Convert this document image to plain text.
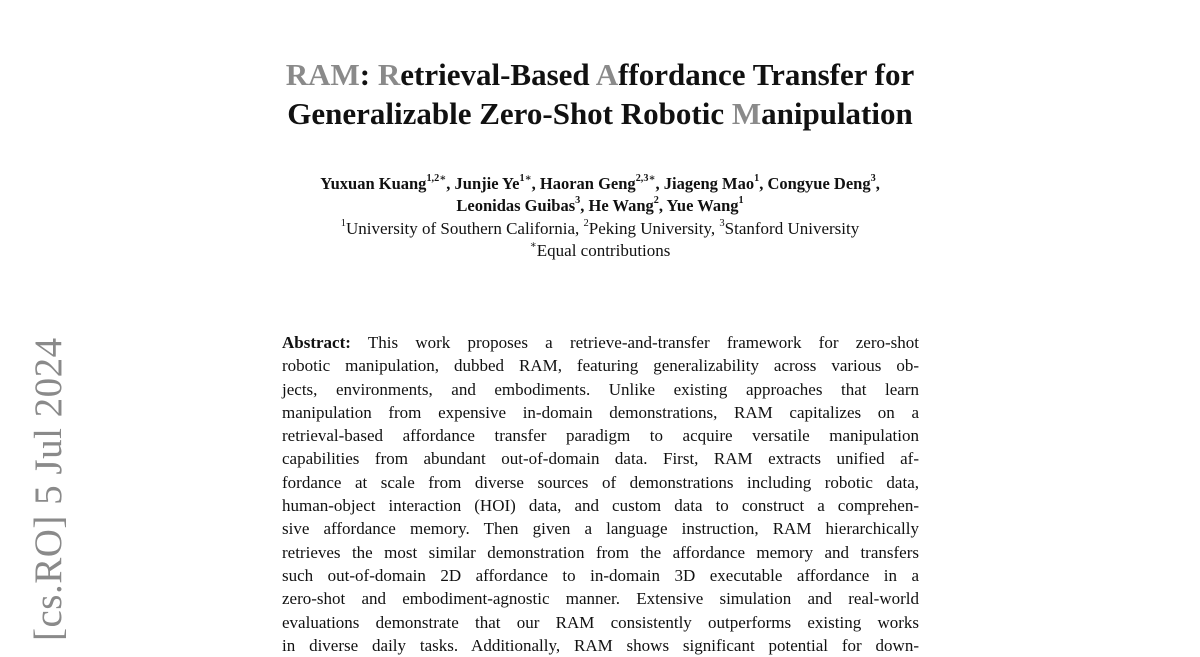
RAM: Retrieval-Based Affordance Transfer for
Generalizable Zero-Shot Robotic Manipulation
Yuxuan Kuang$^{1,2∗}$, Junjie $Ye^{1∗}$, Haoran Geng$^{2,3∗}$, Jiageng Mao$^1$, Congyue Deng$^3$,
Leonidas Guibas$^3$, He Wang$^2$, Yue Wang$^1$
$^1$University of Southern California, $^2$Peking University, $^3$Stanford University
∗Equal contributions
[cs.RO] 5 Jul 2024	Abstract: This work proposes a retrieve-and-transfer framework for zero-shot
robotic manipulation, dubbed RAM, featuring generalizability across various ob-
jects, environments, and embodiments. Unlike existing approaches that learn
manipulation from expensive in-domain demonstrations, RAM capitalizes on a
retrieval-based affordance transfer paradigm to acquire versatile manipulation
capabilities from abundant out-of-domain data. First, RAM extracts unified af-
fordance at scale from diverse sources of demonstrations including robotic data,
human-object interaction (HOI) data, and custom data to construct a comprehen-
sive affordance memory. Then given a language instruction, RAM hierarchically
retrieves the most similar demonstration from the affordance memory and transfers
such out-of-domain 2D affordance to in-domain 3D executable affordance in a
zero-shot and embodiment-agnostic manner. Extensive simulation and real-world
evaluations demonstrate that our RAM consistently outperforms existing works
in diverse daily tasks. Additionally, RAM shows significant potential for down-
